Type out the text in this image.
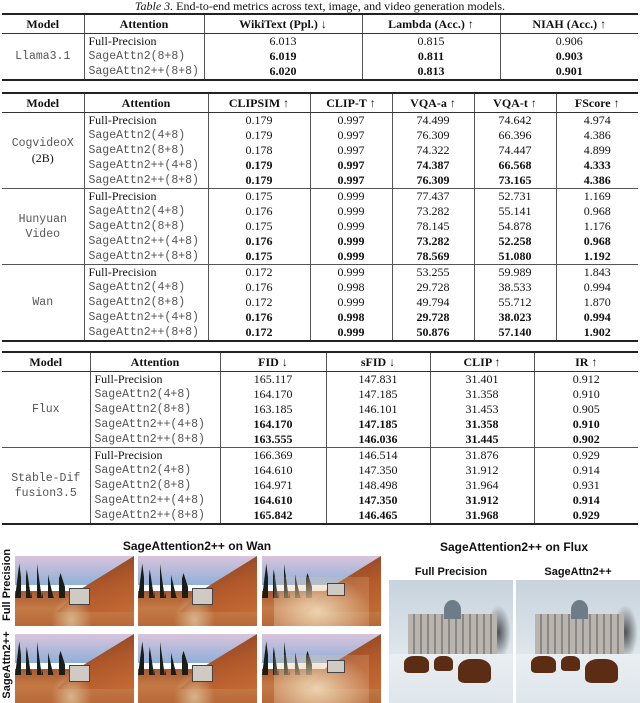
Table 3. End-to-end metrics across text, image, and video generation models.
Model	Attention	WikiText (Ppl.) ↓	Lambda (Acc.) ↑	NIAH (Acc.) ↑
Llama3.1	Full-Precision	6.013	0.815	0.906
	SageAttn2(8+8)	6.019	0.811	0.903
	SageAttn2++(8+8)	6.020	0.813	0.901
Model	Attention	CLIPSIM ↑	CLIP-T ↑	VQA-a ↑	VQA-t ↑	FScore ↑

CogvideoX
(2B)	Full-Precision	0.179	0.997	74.499	74.642	4.974
	SageAttn2(4+8)	0.179	0.997	76.309	66.396	4.386
	SageAttn2(8+8)	0.178	0.997	74.322	74.447	4.899
	SageAttn2++(4+8)	0.179	0.997	74.387	66.568	4.333
	SageAttn2++(8+8)	0.179	0.997	76.309	73.165	4.386

Hunyuan
Video	Full-Precision	0.175	0.999	77.437	52.731	1.169
	SageAttn2(4+8)	0.176	0.999	73.282	55.141	0.968
	SageAttn2(8+8)	0.175	0.999	78.145	54.878	1.176
	SageAttn2++(4+8)	0.176	0.999	73.282	52.258	0.968
	SageAttn2++(8+8)	0.175	0.999	78.569	51.080	1.192

Wan	Full-Precision	0.172	0.999	53.255	59.989	1.843
	SageAttn2(4+8)	0.176	0.998	29.728	38.533	0.994
	SageAttn2(8+8)	0.172	0.999	49.794	55.712	1.870
	SageAttn2++(4+8)	0.176	0.998	29.728	38.023	0.994
	SageAttn2++(8+8)	0.172	0.999	50.876	57.140	1.902
Model	Attention	FID ↓	sFID ↓	CLIP ↑	IR ↑

Flux	Full-Precision	165.117	147.831	31.401	0.912
	SageAttn2(4+8)	164.170	147.185	31.358	0.910
	SageAttn2(8+8)	163.185	146.101	31.453	0.905
	SageAttn2++(4+8)	164.170	147.185	31.358	0.910
	SageAttn2++(8+8)	163.555	146.036	31.445	0.902

Stable-Dif
fusion3.5	Full-Precision	166.369	146.514	31.876	0.929
	SageAttn2(4+8)	164.610	147.350	31.912	0.914
	SageAttn2(8+8)	164.971	148.498	31.964	0.931
	SageAttn2++(4+8)	164.610	147.350	31.912	0.914
	SageAttn2++(8+8)	165.842	146.465	31.968	0.929
SageAttention2++ on Wan
Full Precision
SageAttn2++
SageAttention2++ on Flux
Full Precision	SageAttn2++
